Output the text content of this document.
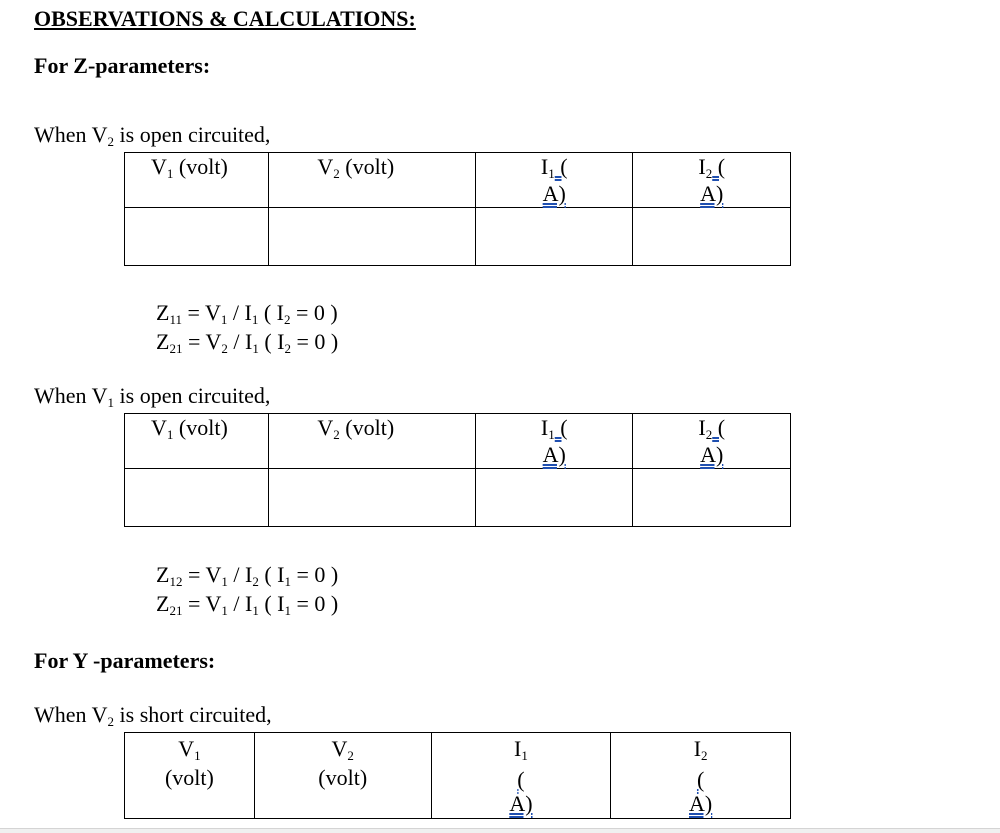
OBSERVATIONS & CALCULATIONS:
For Z-parameters:
When $V_2$ is open circuited,
$V_1$ (volt)	$V_2$ (volt)	$I_1$ (
A)	$I_2$ (
A)

$Z_{11} = V_1 / I_1$ ( $I_2 = 0$ )
$Z_{21} = V_2 / I_1$ ( $I_2 = 0$ )
When $V_1$ is open circuited,
$V_1$ (volt)	$V_2$ (volt)	$I_1$ (
A)	$I_2$ (
A)

$Z_{12} = V_1 / I_2$ ( $I_1 = 0$ )
$Z_{21} = V_1 / I_1$ ( $I_1 = 0$ )
For Y -parameters:
When $V_2$ is short circuited,
$V_1$
(volt)
	$V_2$
(volt)
	$I_1$
(
A)
	$I_2$
(
A)
